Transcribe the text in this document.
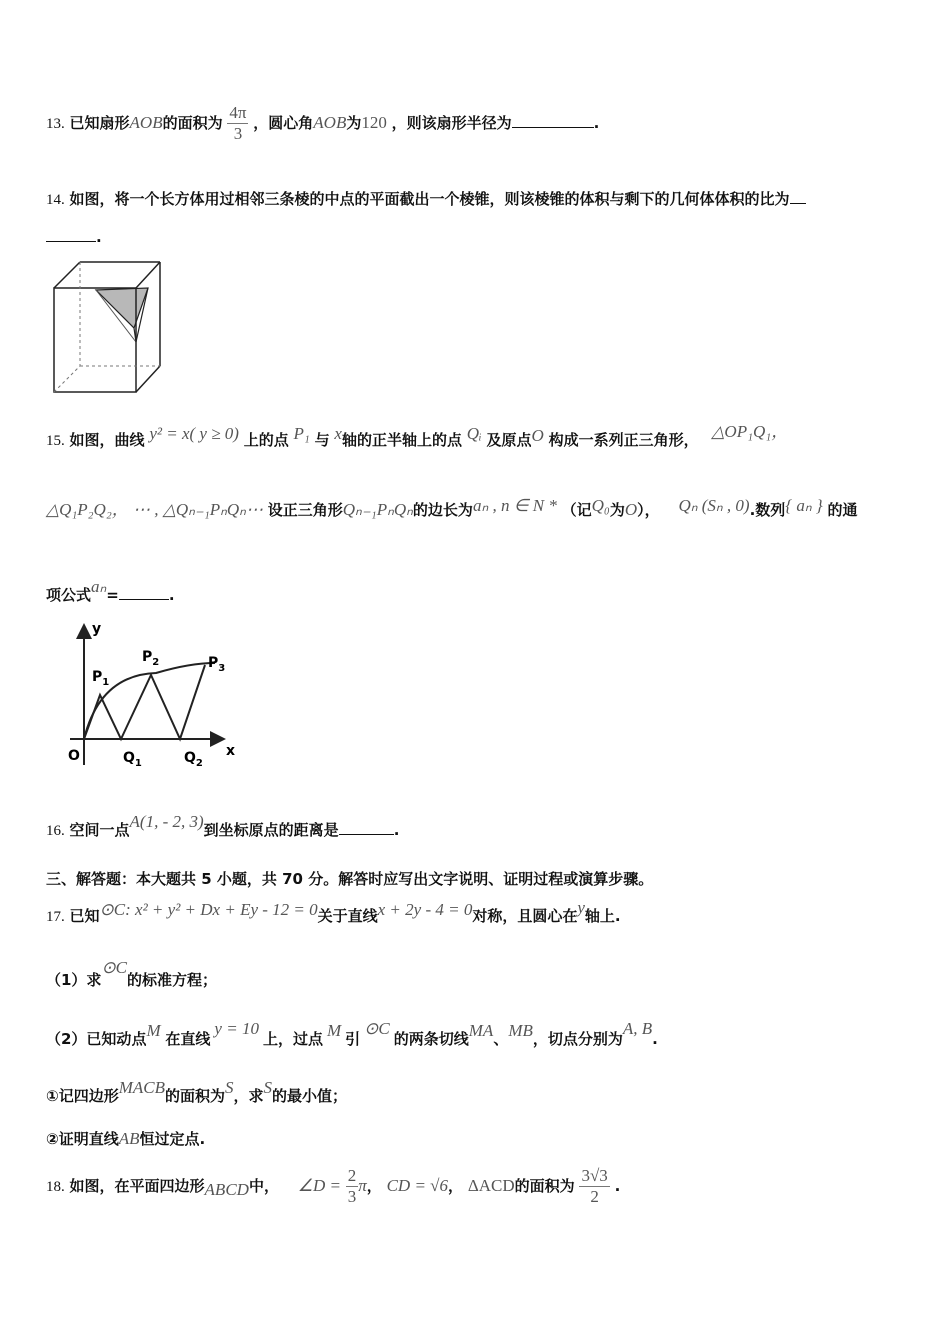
13. 已知扇形AOB的面积为 $\frac{4\pi}{3}$ ，圆心角AOB为120 ，则该扇形半径为	.
14. 如图，将一个长方体用过相邻三条棱的中点的平面截出一个棱锥，则该棱锥的体积与剩下的几何体体积的比为
.
15. 如图，曲线 y² = x( y ≥ 0) 上的点 P₁ 与 x轴的正半轴上的点 Qᵢ 及原点O 构成一系列正三角形， △OP₁Q₁，
△Q₁P₂Q₂， ⋯ , △Qₙ₋₁PₙQₙ⋯ 设正三角形Qₙ₋₁PₙQₙ的边长为aₙ , n ∈ N * （记Q₀为O）， Qₙ (Sₙ , 0).数列{ aₙ } 的通
项公式aₙ=	.
y
x
O
$P_1$
$P_2$	$P_3$
$Q_1$	$Q_2$
16. 空间一点A(1, - 2, 3)到坐标原点的距离是	.
三、解答题：本大题共 5 小题，共 70 分。解答时应写出文字说明、证明过程或演算步骤。
17. 已知⊙C: x² + y² + Dx + Ey - 12 = 0关于直线x + 2y - 4 = 0对称，且圆心在y轴上.
（1）求⊙C的标准方程；
（2）已知动点M 在直线y = 10上，过点 M 引⊙C的两条切线MA、MB，切点分别为A, B.
①记四边形MACB的面积为S，求S的最小值；
②证明直线AB恒过定点.
18. 如图，在平面四边形ABCD中， ∠D = $\frac{2}{3}$ π， CD = √6， ΔACD的面积为 $\frac{3√3}{2}$ .
